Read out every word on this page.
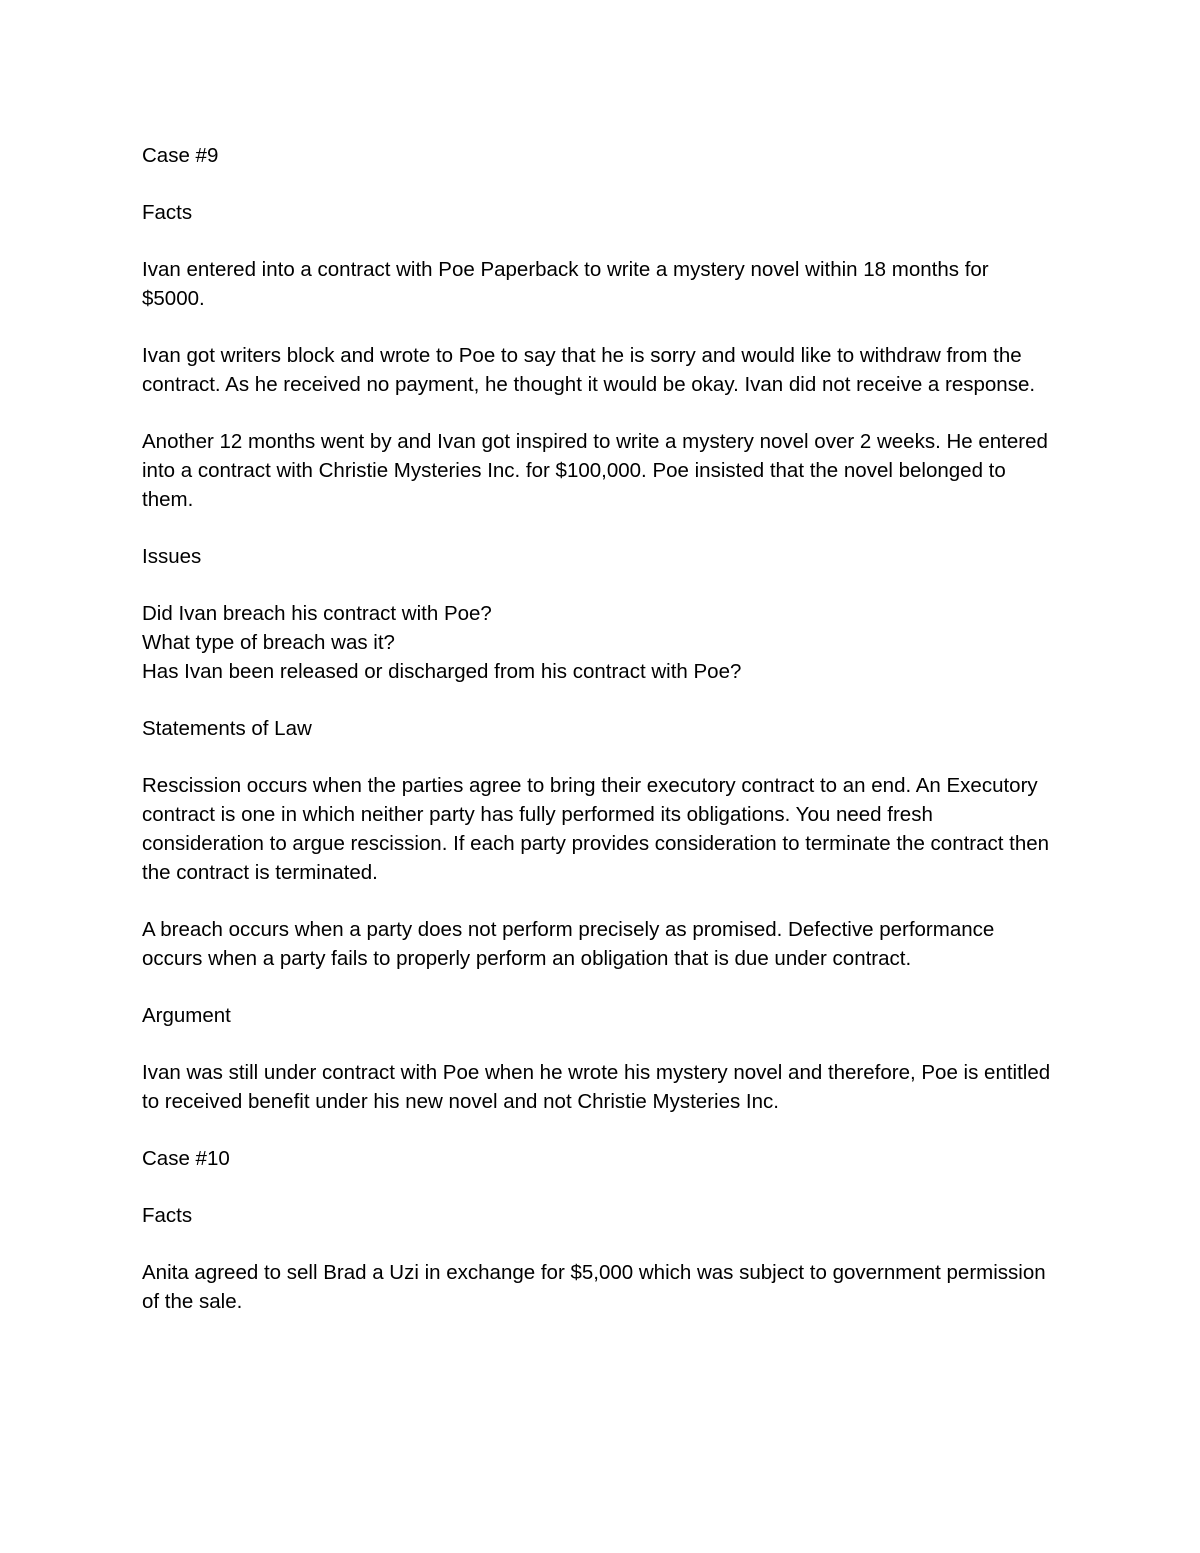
Case #9

Facts

Ivan entered into a contract with Poe Paperback to write a mystery novel within 18 months for $5000.

Ivan got writers block and wrote to Poe to say that he is sorry and would like to withdraw from the contract. As he received no payment, he thought it would be okay. Ivan did not receive a response.

Another 12 months went by and Ivan got inspired to write a mystery novel over 2 weeks. He entered into a contract with Christie Mysteries Inc. for $100,000. Poe insisted that the novel belonged to them.

Issues

Did Ivan breach his contract with Poe?

What type of breach was it?

Has Ivan been released or discharged from his contract with Poe?

Statements of Law

Rescission occurs when the parties agree to bring their executory contract to an end. An Executory contract is one in which neither party has fully performed its obligations. You need fresh consideration to argue rescission. If each party provides consideration to terminate the contract then the contract is terminated.

A breach occurs when a party does not perform precisely as promised. Defective performance occurs when a party fails to properly perform an obligation that is due under contract.

Argument

Ivan was still under contract with Poe when he wrote his mystery novel and therefore, Poe is entitled to received benefit under his new novel and not Christie Mysteries Inc.

Case #10

Facts

Anita agreed to sell Brad a Uzi in exchange for $5,000 which was subject to government permission of the sale.
